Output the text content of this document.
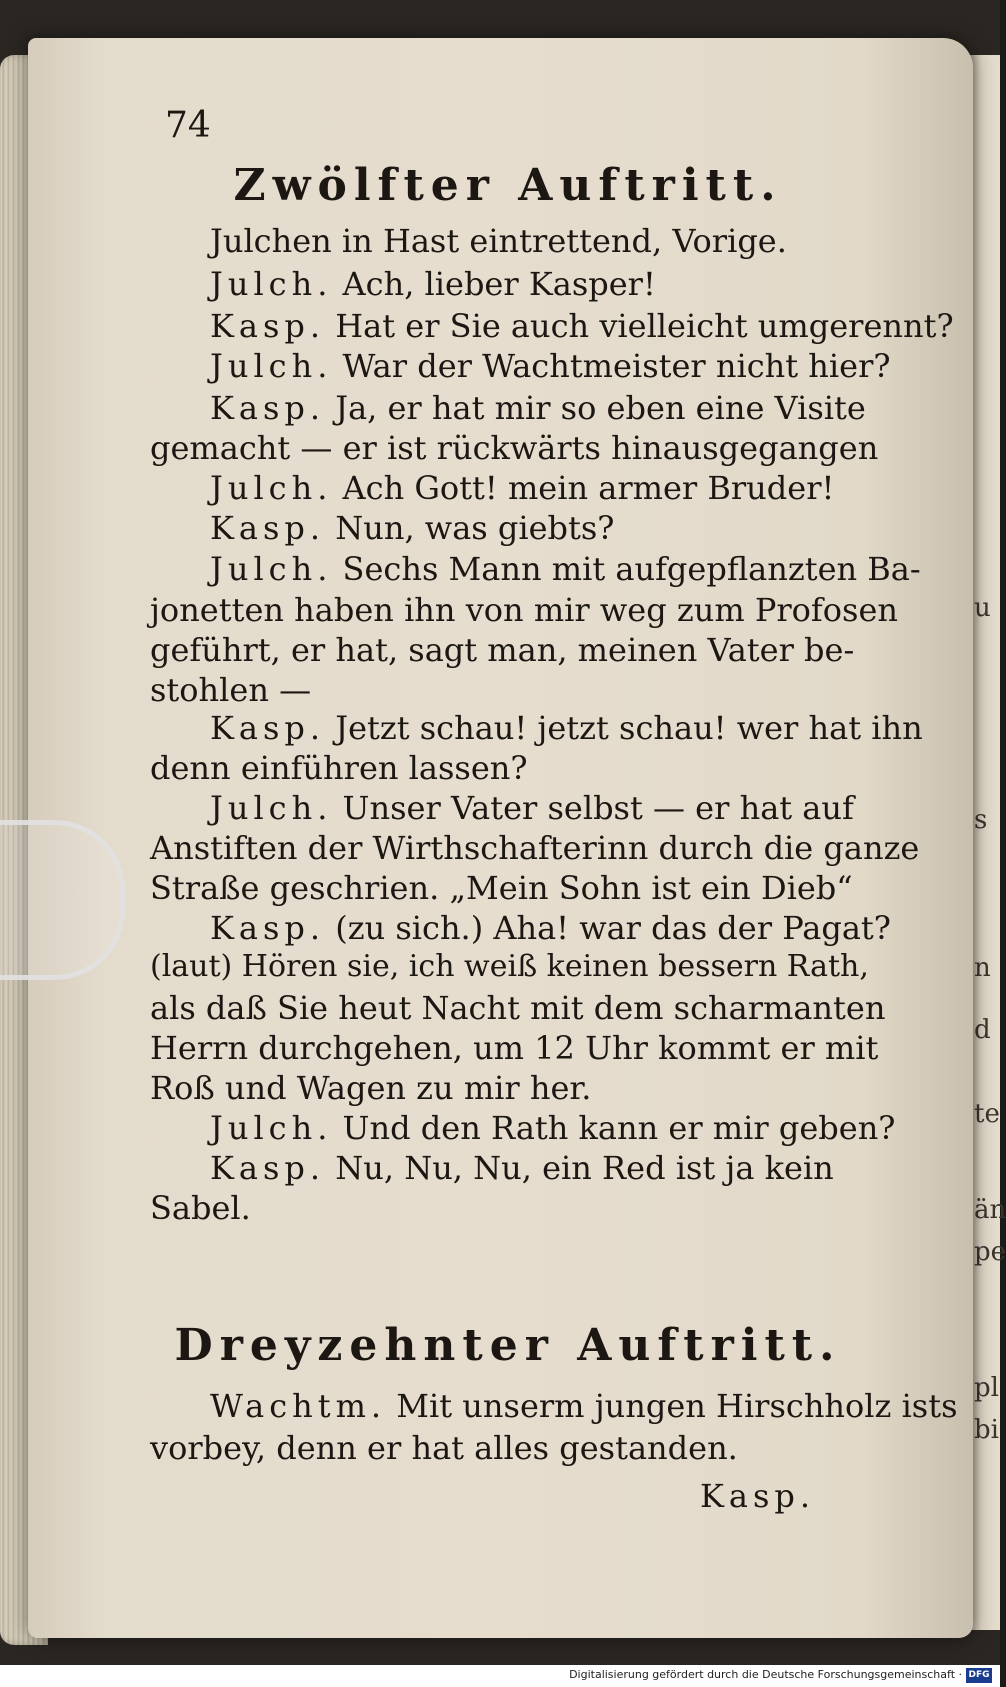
u
s
n
d
te
än
pe
pl
bi
74
Zwölfter Auftritt.
Julchen in Hast eintrettend, Vorige.
Julch. Ach, lieber Kasper!
Kasp. Hat er Sie auch vielleicht umgerennt?
Julch. War der Wachtmeister nicht hier?
Kasp. Ja, er hat mir so eben eine Visite
gemacht — er ist rückwärts hinausgegangen
Julch. Ach Gott! mein armer Bruder!
Kasp. Nun, was giebts?
Julch. Sechs Mann mit aufgepflanzten Ba-
jonetten haben ihn von mir weg zum Profosen
geführt, er hat, sagt man, meinen Vater be-
stohlen —
Kasp. Jetzt schau! jetzt schau! wer hat ihn
denn einführen lassen?
Julch. Unser Vater selbst — er hat auf
Anstiften der Wirthschafterinn durch die ganze
Straße geschrien. „Mein Sohn ist ein Dieb“
Kasp. (zu sich.) Aha! war das der Pagat?
(laut) Hören sie, ich weiß keinen bessern Rath,
als daß Sie heut Nacht mit dem scharmanten
Herrn durchgehen, um 12 Uhr kommt er mit
Roß und Wagen zu mir her.
Julch. Und den Rath kann er mir geben?
Kasp. Nu, Nu, Nu, ein Red ist ja kein
Sabel.
Dreyzehnter Auftritt.
Wachtm. Mit unserm jungen Hirschholz ists
vorbey, denn er hat alles gestanden.
Kasp.
Digitalisierung gefördert durch die Deutsche Forschungsgemeinschaft · DFG
